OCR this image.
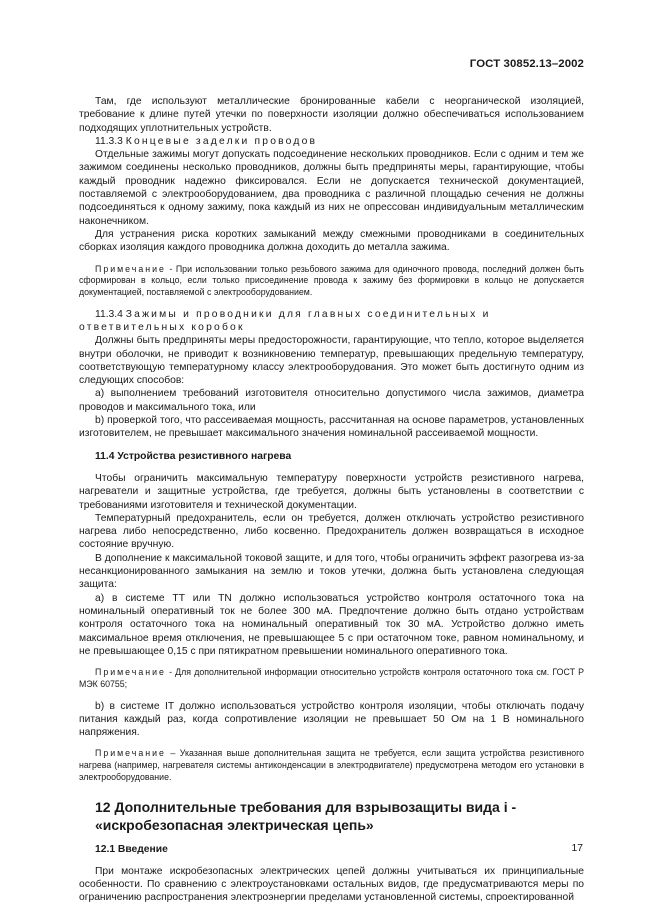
ГОСТ 30852.13–2002

Там, где используют металлические бронированные кабели с неорганической изоляцией, требование к длине путей утечки по поверхности изоляции должно обеспечиваться использованием подходящих уплотнительных устройств.

11.3.3 Концевые заделки проводов

Отдельные зажимы могут допускать подсоединение нескольких проводников. Если с одним и тем же зажимом соединены несколько проводников, должны быть предприняты меры, гарантирующие, чтобы каждый проводник надежно фиксировался. Если не допускается технической документацией, поставляемой с электрооборудованием, два проводника с различной площадью сечения не должны подсоединяться к одному зажиму, пока каждый из них не опрессован индивидуальным металлическим наконечником.

Для устранения риска коротких замыканий между смежными проводниками в соединительных сборках изоляция каждого проводника должна доходить до металла зажима.

Примечание - При использовании только резьбового зажима для одиночного провода, последний должен быть сформирован в кольцо, если только присоединение провода к зажиму без формировки в кольцо не допускается документацией, поставляемой с электрооборудованием.

11.3.4 Зажимы и проводники для главных соединительных и ответвительных коробок

Должны быть предприняты меры предосторожности, гарантирующие, что тепло, которое выделяется внутри оболочки, не приводит к возникновению температур, превышающих предельную температуру, соответствующую температурному классу электрооборудования. Это может быть достигнуто одним из следующих способов:

a) выполнением требований изготовителя относительно допустимого числа зажимов, диаметра проводов и максимального тока, или

b) проверкой того, что рассеиваемая мощность, рассчитанная на основе параметров, установленных изготовителем, не превышает максимального значения номинальной рассеиваемой мощности.

11.4 Устройства резистивного нагрева

Чтобы ограничить максимальную температуру поверхности устройств резистивного нагрева, нагреватели и защитные устройства, где требуется, должны быть установлены в соответствии с требованиями изготовителя и технической документации.

Температурный предохранитель, если он требуется, должен отключать устройство резистивного нагрева либо непосредственно, либо косвенно. Предохранитель должен возвращаться в исходное состояние вручную.

В дополнение к максимальной токовой защите, и для того, чтобы ограничить эффект разогрева из-за несанкционированного замыкания на землю и токов утечки, должна быть установлена следующая защита:

a) в системе TT или TN должно использоваться устройство контроля остаточного тока на номинальный оперативный ток не более 300 мА. Предпочтение должно быть отдано устройствам контроля остаточного тока на номинальный оперативный ток 30 мА. Устройство должно иметь максимальное время отключения, не превышающее 5 с при остаточном токе, равном номинальному, и не превышающее 0,15 с при пятикратном превышении номинального оперативного тока.

Примечание - Для дополнительной информации относительно устройств контроля остаточного тока см. ГОСТ Р МЭК 60755;

b) в системе IT должно использоваться устройство контроля изоляции, чтобы отключать подачу питания каждый раз, когда сопротивление изоляции не превышает 50 Ом на 1 В номинального напряжения.

Примечание – Указанная выше дополнительная защита не требуется, если защита устройства резистивного нагрева (например, нагревателя системы антиконденсации в электродвигателе) предусмотрена методом его установки в электрооборудование.

12 Дополнительные требования для взрывозащиты вида i -
«искробезопасная электрическая цепь»

12.1 Введение

При монтаже искробезопасных электрических цепей должны учитываться их принципиальные особенности. По сравнению с электроустановками остальных видов, где предусматриваются меры по ограничению распространения электроэнергии пределами установленной системы, спроектированной

17
